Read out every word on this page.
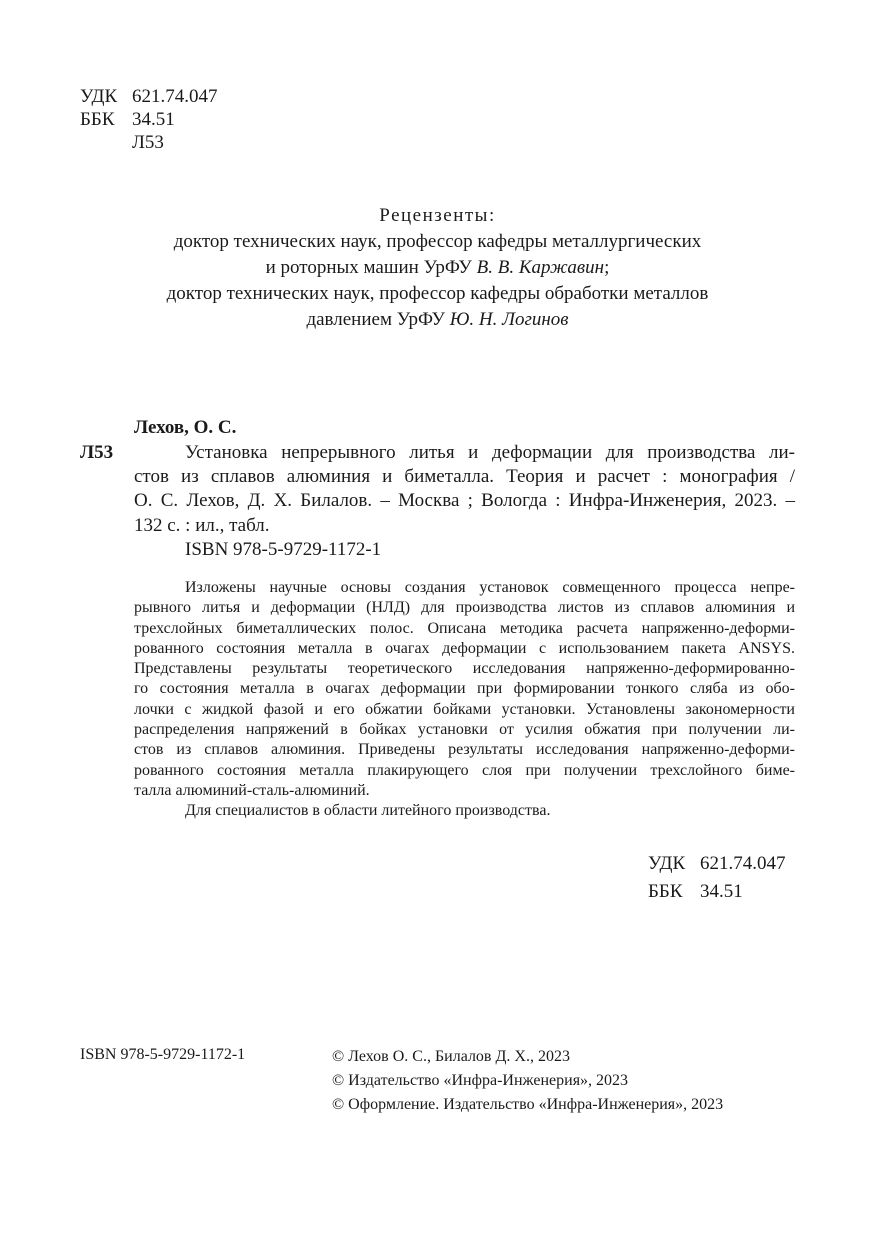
УДК 621.74.047
ББК 34.51
Л53
Рецензенты:
доктор технических наук, профессор кафедры металлургических
и роторных машин УрФУ В. В. Каржавин;
доктор технических наук, профессор кафедры обработки металлов
давлением УрФУ Ю. Н. Логинов
Лехов, О. С.
Л53	Установка непрерывного литья и деформации для производства ли-
стов из сплавов алюминия и биметалла. Теория и расчет : монография /
О. С. Лехов, Д. Х. Билалов. – Москва ; Вологда : Инфра-Инженерия, 2023. –
132 с. : ил., табл.
ISBN 978-5-9729-1172-1
Изложены научные основы создания установок совмещенного процесса непре-
рывного литья и деформации (НЛД) для производства листов из сплавов алюминия и
трехслойных биметаллических полос. Описана методика расчета напряженно-деформи-
рованного состояния металла в очагах деформации с использованием пакета ANSYS.
Представлены результаты теоретического исследования напряженно-деформированно-
го состояния металла в очагах деформации при формировании тонкого сляба из обо-
лочки с жидкой фазой и его обжатии бойками установки. Установлены закономерности
распределения напряжений в бойках установки от усилия обжатия при получении ли-
стов из сплавов алюминия. Приведены результаты исследования напряженно-деформи-
рованного состояния металла плакирующего слоя при получении трехслойного биме-
талла алюминий-сталь-алюминий.
Для специалистов в области литейного производства.
УДК 621.74.047
ББК 34.51
ISBN 978-5-9729-1172-1	© Лехов О. С., Билалов Д. Х., 2023
© Издательство «Инфра-Инженерия», 2023
© Оформление. Издательство «Инфра-Инженерия», 2023
